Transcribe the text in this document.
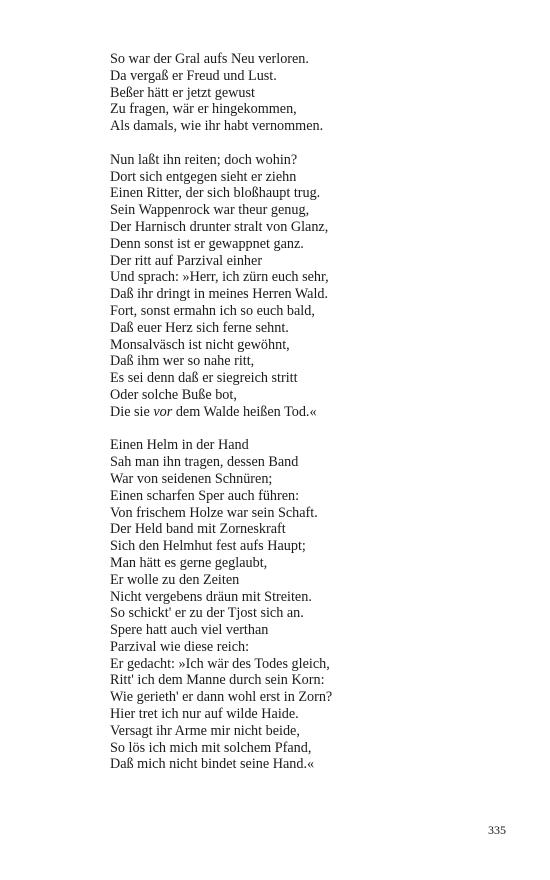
So war der Gral aufs Neu verloren.
Da vergaß er Freud und Lust.
Beßer hätt er jetzt gewust
Zu fragen, wär er hingekommen,
Als damals, wie ihr habt vernommen.
Nun laßt ihn reiten; doch wohin?
Dort sich entgegen sieht er ziehn
Einen Ritter, der sich bloßhaupt trug.
Sein Wappenrock war theur genug,
Der Harnisch drunter stralt von Glanz,
Denn sonst ist er gewappnet ganz.
Der ritt auf Parzival einher
Und sprach: »Herr, ich zürn euch sehr,
Daß ihr dringt in meines Herren Wald.
Fort, sonst ermahn ich so euch bald,
Daß euer Herz sich ferne sehnt.
Monsalväsch ist nicht gewöhnt,
Daß ihm wer so nahe ritt,
Es sei denn daß er siegreich stritt
Oder solche Buße bot,
Die sie vor dem Walde heißen Tod.«
Einen Helm in der Hand
Sah man ihn tragen, dessen Band
War von seidenen Schnüren;
Einen scharfen Sper auch führen:
Von frischem Holze war sein Schaft.
Der Held band mit Zorneskraft
Sich den Helmhut fest aufs Haupt;
Man hätt es gerne geglaubt,
Er wolle zu den Zeiten
Nicht vergebens dräun mit Streiten.
So schickt' er zu der Tjost sich an.
Spere hatt auch viel verthan
Parzival wie diese reich:
Er gedacht: »Ich wär des Todes gleich,
Ritt' ich dem Manne durch sein Korn:
Wie gerieth' er dann wohl erst in Zorn?
Hier tret ich nur auf wilde Haide.
Versagt ihr Arme mir nicht beide,
So lös ich mich mit solchem Pfand,
Daß mich nicht bindet seine Hand.«
335
